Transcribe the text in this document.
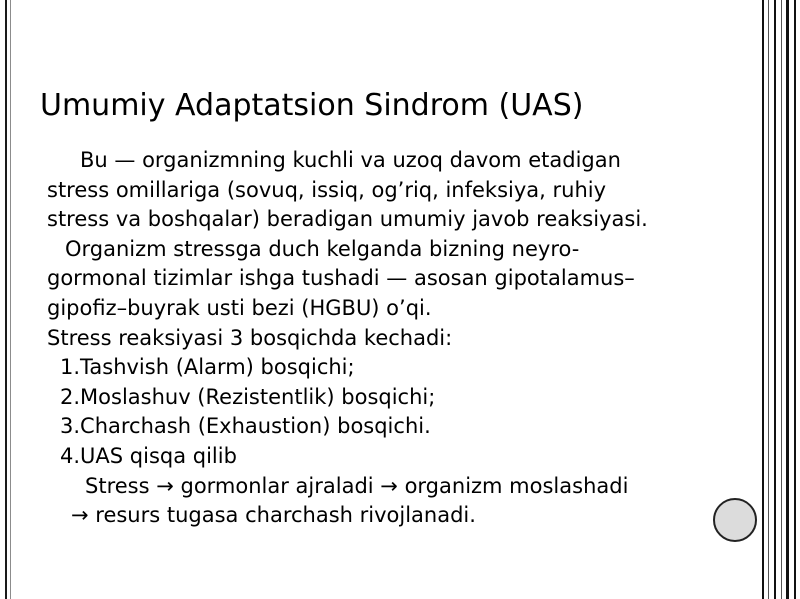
Umumiy Adaptatsion Sindrom (UAS)
Bu — organizmning kuchli va uzoq davom etadigan
stress omillariga (sovuq, issiq, og’riq, infeksiya, ruhiy
stress va boshqalar) beradigan umumiy javob reaksiyasi.
Organizm stressga duch kelganda bizning neyro-
gormonal tizimlar ishga tushadi — asosan gipotalamus–
gipofiz–buyrak usti bezi (HGBU) o’qi.
Stress reaksiyasi 3 bosqichda kechadi:
1.Tashvish (Alarm) bosqichi;
2.Moslashuv (Rezistentlik) bosqichi;
3.Charchash (Exhaustion) bosqichi.
4.UAS qisqa qilib
Stress → gormonlar ajraladi → organizm moslashadi
→ resurs tugasa charchash rivojlanadi.
